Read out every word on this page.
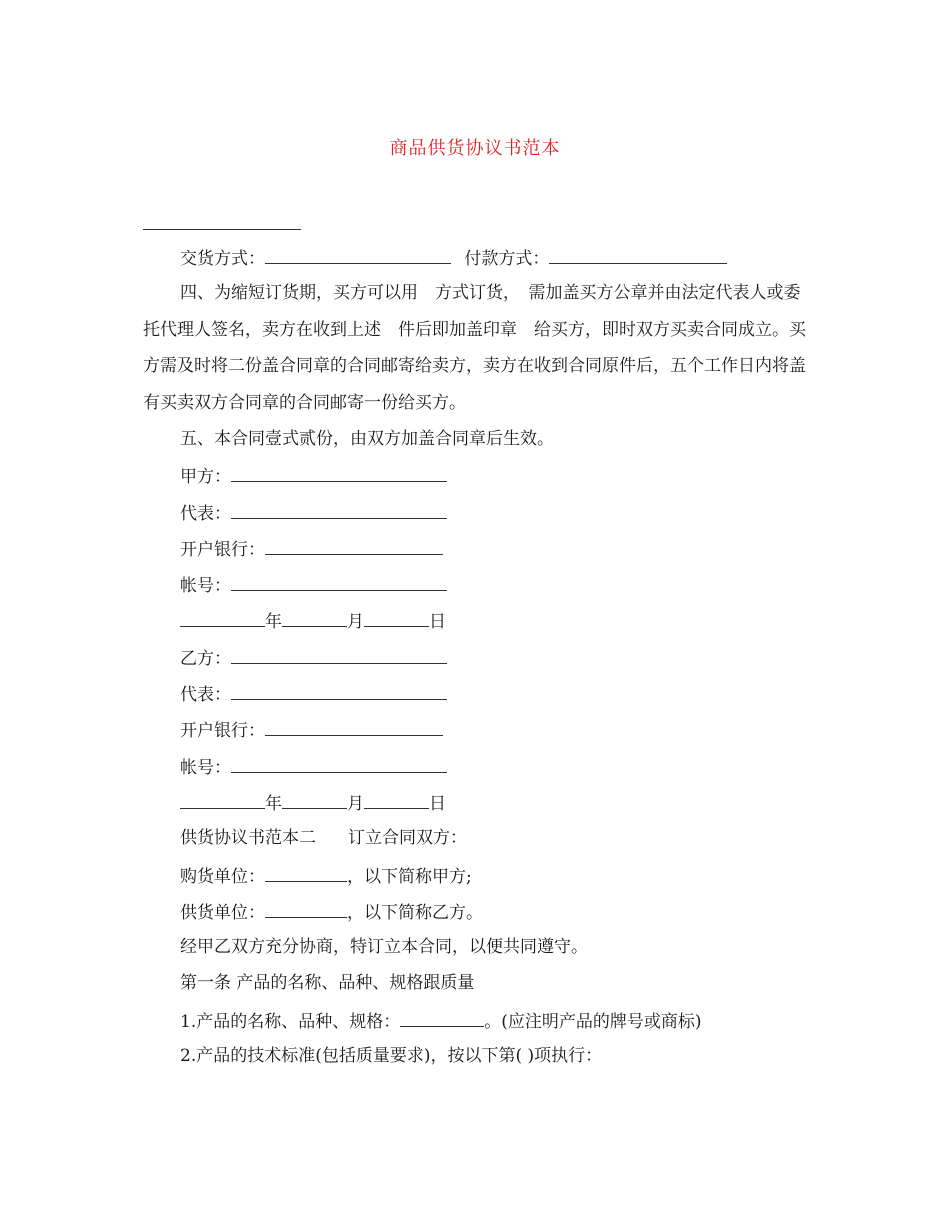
商品供货协议书范本
交货方式：	付款方式：
四、为缩短订货期，买方可以用　方式订货，　需加盖买方公章并由法定代表人或委托代理人签名，卖方在收到上述　件后即加盖印章　给买方，即时双方买卖合同成立。买方需及时将二份盖合同章的合同邮寄给卖方，卖方在收到合同原件后，五个工作日内将盖有买卖双方合同章的合同邮寄一份给买方。
五、本合同壹式贰份，由双方加盖合同章后生效。
甲方：
代表：
开户银行：
帐号：
年	月	日
乙方：
代表：
开户银行：
帐号：
年	月	日
供货协议书范本二 订立合同双方：
购货单位：	，以下简称甲方;
供货单位：	，以下简称乙方。
经甲乙双方充分协商，特订立本合同，以便共同遵守。
第一条 产品的名称、品种、规格跟质量
1.产品的名称、品种、规格：	。(应注明产品的牌号或商标)
2.产品的技术标准(包括质量要求)，按以下第( )项执行：
